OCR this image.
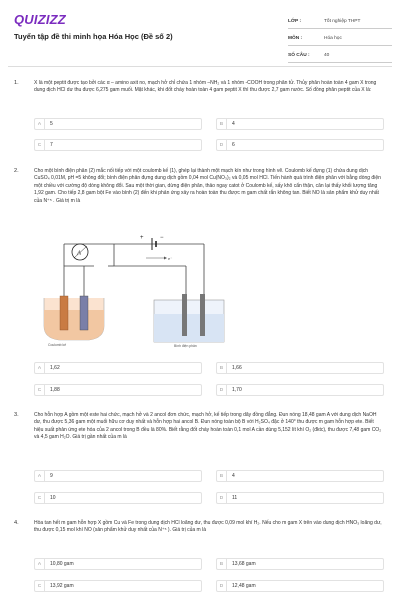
QUIZIZZ
Tuyển tập đề thi minh họa Hóa Học (Đề số 2)
LỚP :	Tốt nghiệp THPT
MÔN :	Hóa học
SỐ CÂU :	40
1.	X là một peptit được tạo bởi các α – amino axit no, mạch hở chỉ chứa 1 nhóm –NH₂ và 1 nhóm -COOH trong phân tử. Thủy phân hoàn toàn 4 gam X trong dung dịch HCl dư thu được 6,275 gam muối. Mặt khác, khi đốt cháy hoàn toàn 4 gam peptit X thì thu được 2,7 gam nước. Số đồng phân peptit của X là:
A	5	B	4
C	7	D	6
2.	Cho một bình điện phân (2) mắc nối tiếp với một coulomb kế (1), ghép lại thành một mạch kín như trong hình vẽ. Coulomb kế đựng (1) chứa dung dịch CuSO₄ 0,01M, pH =5 không đổi; bình điện phân đựng dung dịch gồm 0,04 mol Cu(NO₃)₂ và 0,05 mol HCl. Tiến hành quá trình điện phân với bằng dòng điện một chiều với cường độ dòng không đổi. Sau một thời gian, dừng điện phân, thảo ngay catot ở Coulomb kế, sấy khô cẩn thận, cân lại thấy khối lượng tăng 1,92 gam. Cho tiếp 2,8 gam bột Fe vào bình (2) đến khi phản ứng xảy ra hoàn toàn thu được m gam chất rắn không tan. Biết NO là sản phẩm khử duy nhất của N⁺⁵ . Giá trị m là
+	−
e⁻
A
Coulomb kế	Bình điện phân
A	1,62	B	1,66
C	1,88	D	1,70
3.	Cho hỗn hợp A gồm một este hai chức, mạch hở và 2 ancol đơn chức, mạch hở, kế tiếp trong dãy đồng đẳng. Đun nóng 18,48 gam A với dung dịch NaOH dư, thu được 5,36 gam một muối hữu cơ duy nhất và hỗn hợp hai ancol B. Đun nóng toàn bộ B với H₂SO₄ đặc ở 140° thu được m gam hỗn hợp ete. Biết hiệu suất phản ứng ete hóa của 2 ancol trong B đều là 80%. Biết rằng đốt cháy hoàn toàn 0,1 mol A cần dùng 5,152 lít khí O₂ (đktc), thu được 7,48 gam CO₂ và 4,5 gam H₂O. Giá trị gần nhất của m là
A	9	B	4
C	10	D	11
4.	Hòa tan hết m gam hỗn hợp X gồm Cu và Fe trong dung dịch HCl loãng dư, thu được 0,09 mol khí H₂. Nếu cho m gam X trên vào dung dịch HNO₃ loãng dư, thu được 0,15 mol khí NO (sản phẩm khử duy nhất của N⁺⁵ ). Giá trị của m là
A	10,80 gam	B	13,68 gam
C	13,92 gam	D	12,48 gam
